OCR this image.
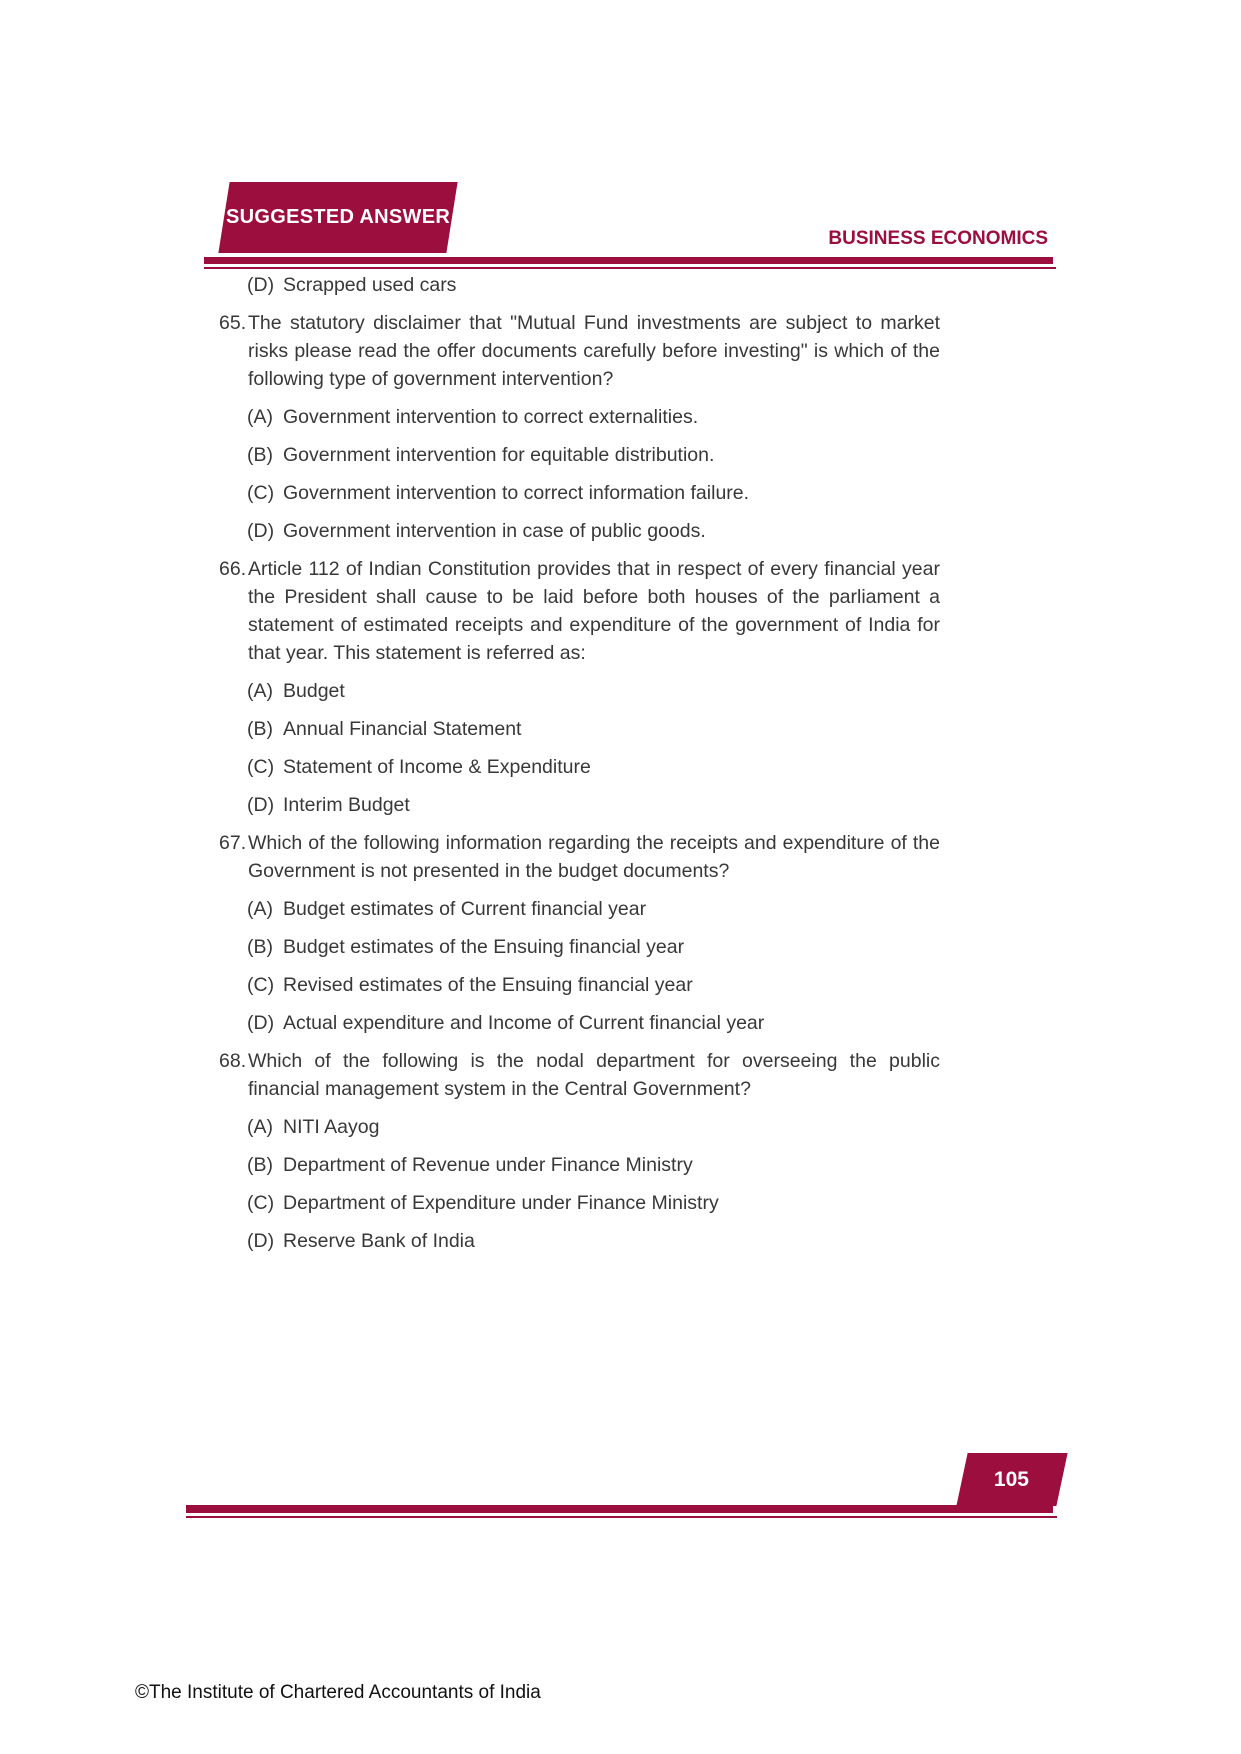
SUGGESTED ANSWER
BUSINESS ECONOMICS
(D) Scrapped used cars
65. The statutory disclaimer that "Mutual Fund investments are subject to market risks please read the offer documents carefully before investing" is which of the following type of government intervention?
(A) Government intervention to correct externalities.
(B) Government intervention for equitable distribution.
(C) Government intervention to correct information failure.
(D) Government intervention in case of public goods.
66. Article 112 of Indian Constitution provides that in respect of every financial year the President shall cause to be laid before both houses of the parliament a statement of estimated receipts and expenditure of the government of India for that year. This statement is referred as:
(A) Budget
(B) Annual Financial Statement
(C) Statement of Income & Expenditure
(D) Interim Budget
67. Which of the following information regarding the receipts and expenditure of the Government is not presented in the budget documents?
(A) Budget estimates of Current financial year
(B) Budget estimates of the Ensuing financial year
(C) Revised estimates of the Ensuing financial year
(D) Actual expenditure and Income of Current financial year
68. Which of the following is the nodal department for overseeing the public financial management system in the Central Government?
(A) NITI Aayog
(B) Department of Revenue under Finance Ministry
(C) Department of Expenditure under Finance Ministry
(D) Reserve Bank of India
105
©The Institute of Chartered Accountants of India
